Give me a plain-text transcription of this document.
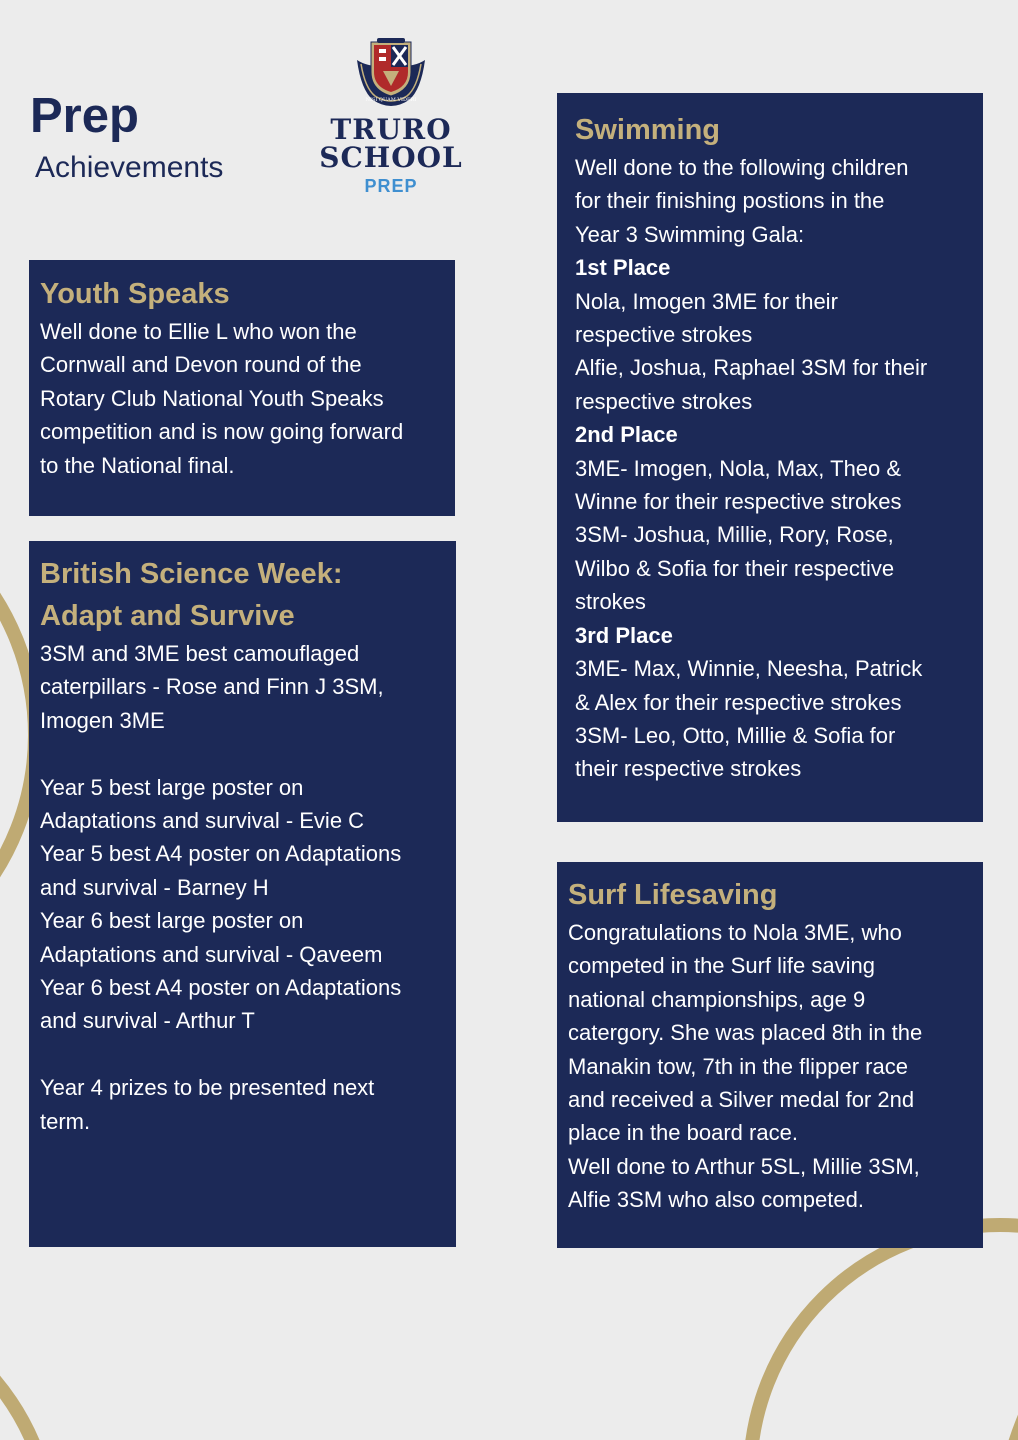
Prep
Achievements
NISI QUAM VIDERI
TRURO
SCHOOL
PREP
Youth Speaks
Well done to Ellie L who won the
Cornwall and Devon round of the
Rotary Club National Youth Speaks
competition and is now going forward
to the National final.
British Science Week:
Adapt and Survive
3SM and 3ME best camouflaged
caterpillars - Rose and Finn J 3SM,
Imogen 3ME
Year 5 best large poster on
Adaptations and survival - Evie C
Year 5 best A4 poster on Adaptations
and survival - Barney H
Year 6 best large poster on
Adaptations and survival - Qaveem
Year 6 best A4 poster on Adaptations
and survival - Arthur T
Year 4 prizes to be presented next
term.
Swimming
Well done to the following children
for their finishing postions in the
Year 3 Swimming Gala:
1st Place
Nola, Imogen 3ME for their
respective strokes
Alfie, Joshua, Raphael 3SM for their
respective strokes
2nd Place
3ME- Imogen, Nola, Max, Theo &
Winne for their respective strokes
3SM- Joshua, Millie, Rory, Rose,
Wilbo & Sofia for their respective
strokes
3rd Place
3ME- Max, Winnie, Neesha, Patrick
& Alex for their respective strokes
3SM- Leo, Otto, Millie & Sofia for
their respective strokes
Surf Lifesaving
Congratulations to Nola 3ME, who
competed in the Surf life saving
national championships, age 9
catergory. She was placed 8th in the
Manakin tow, 7th in the flipper race
and received a Silver medal for 2nd
place in the board race.
Well done to Arthur 5SL, Millie 3SM,
Alfie 3SM who also competed.
